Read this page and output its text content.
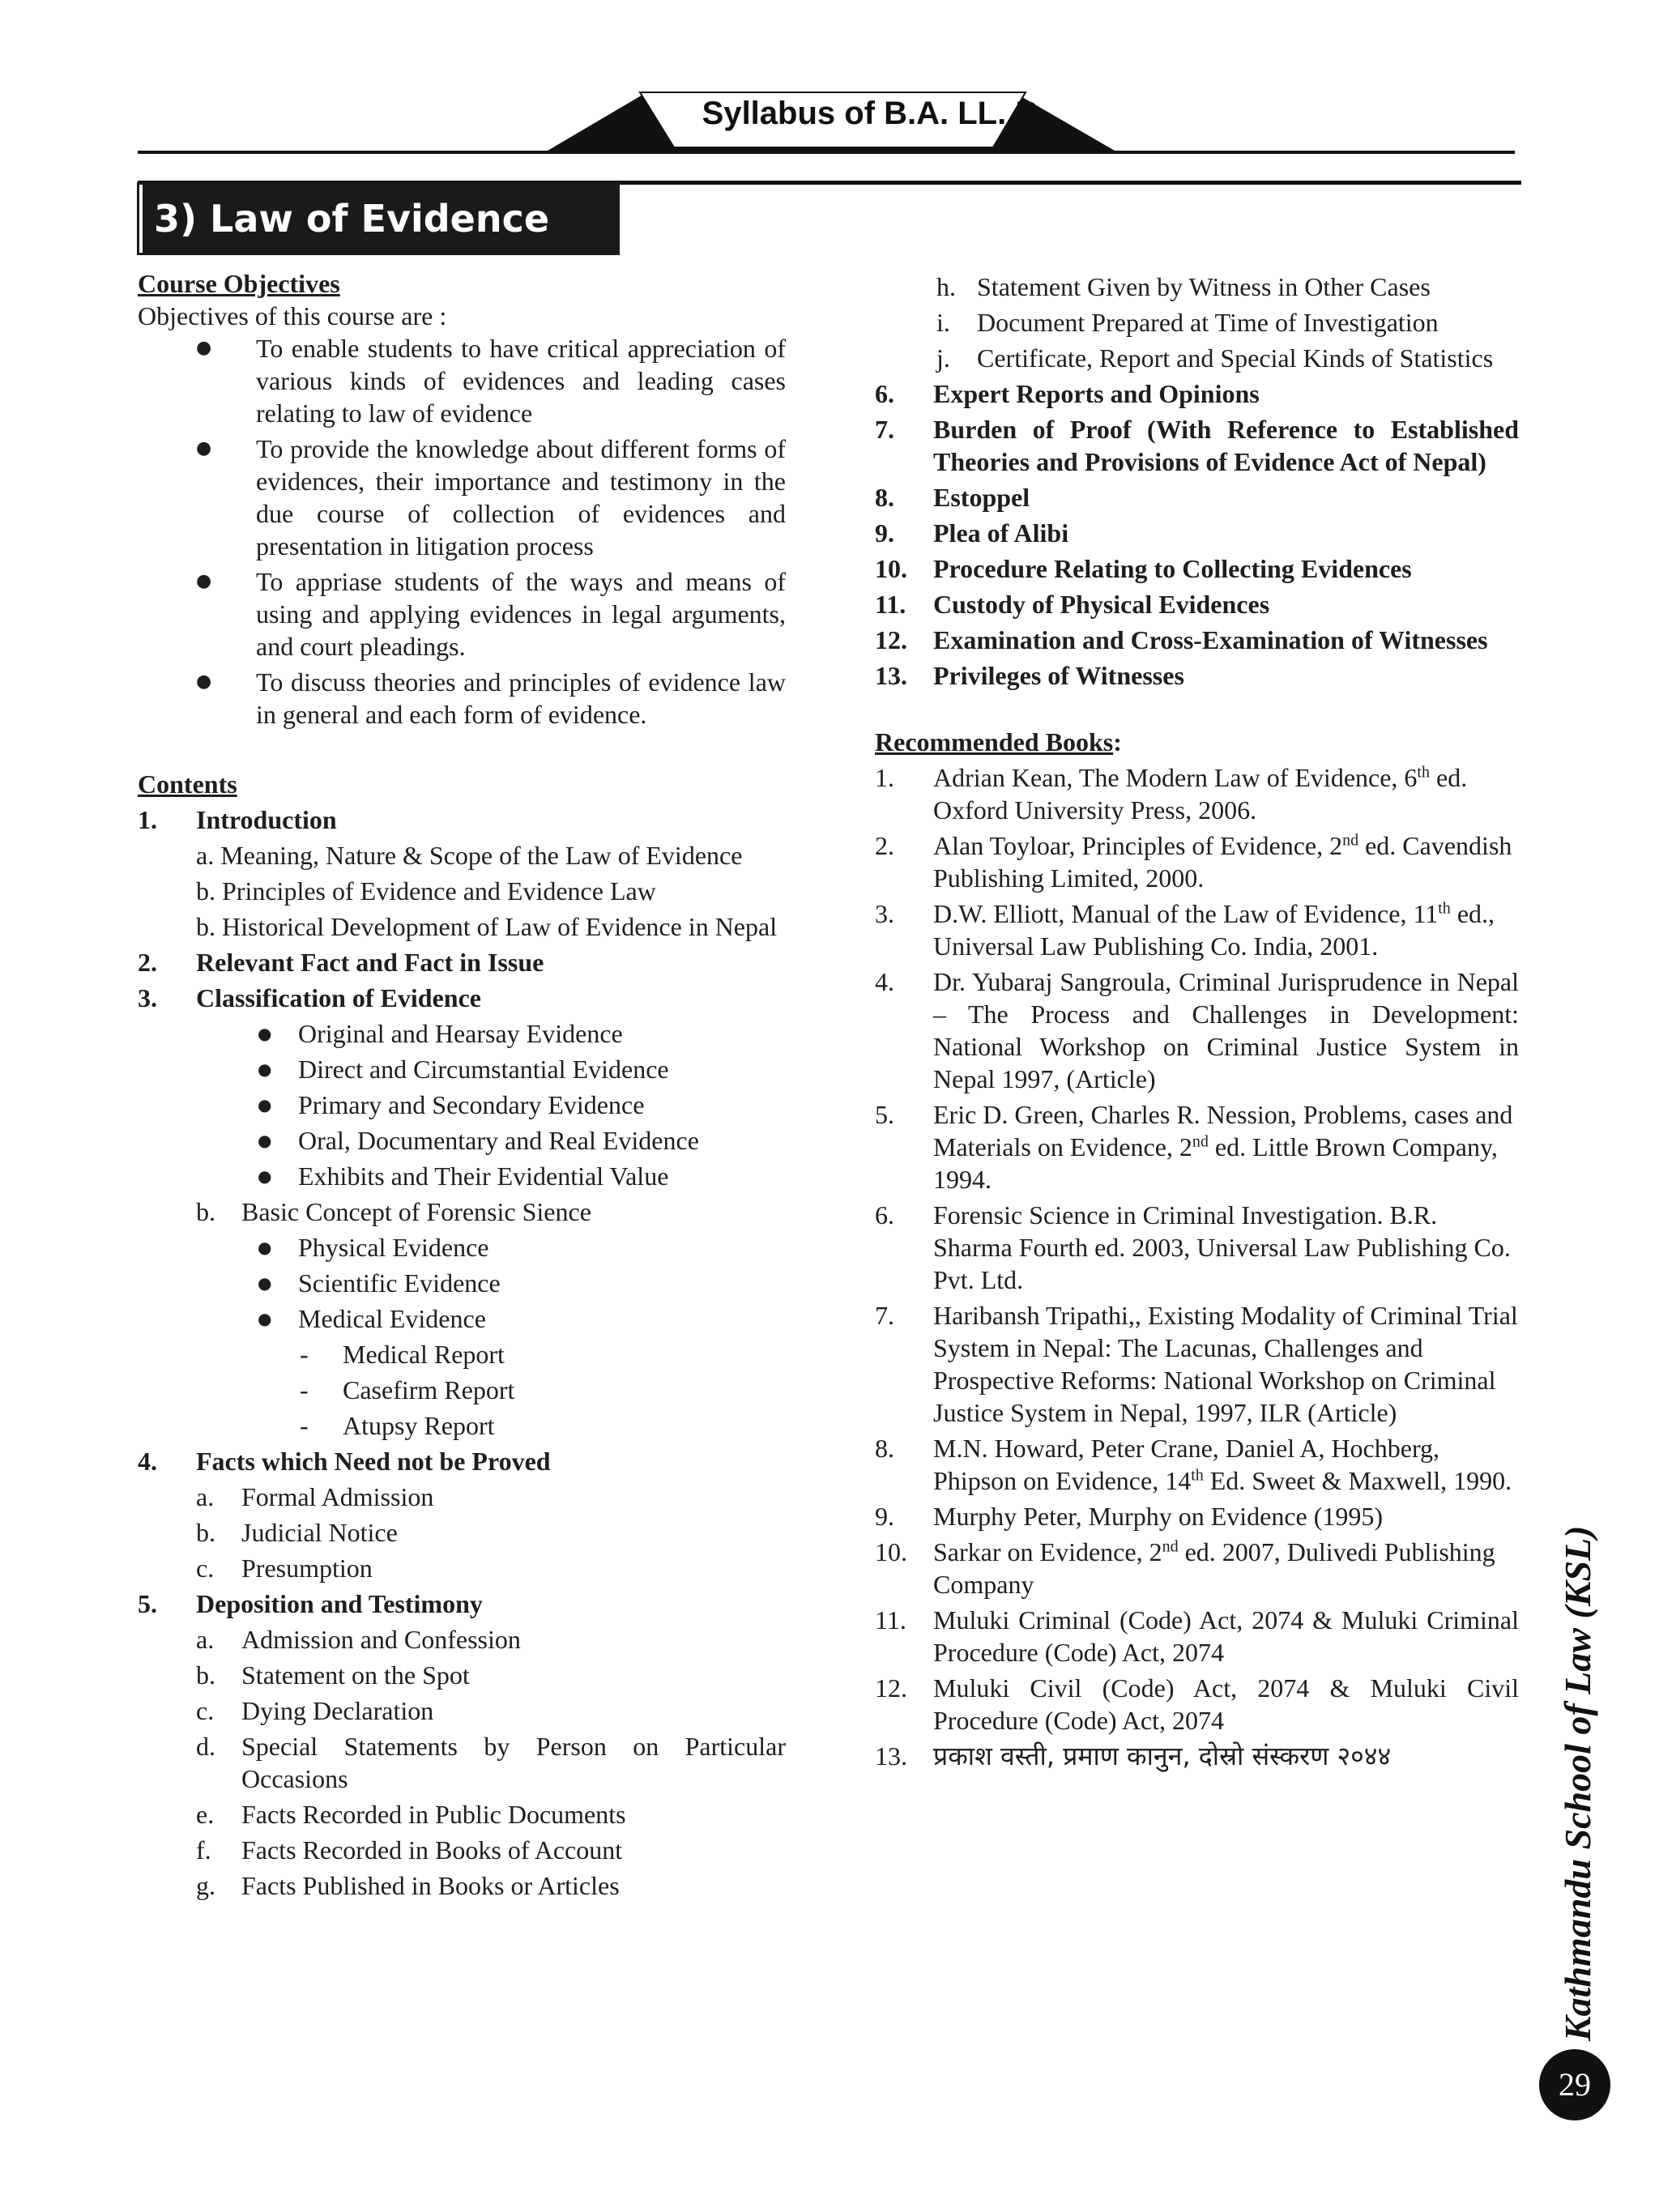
Syllabus of B.A. LL. B.
3) Law of Evidence

Course Objectives

Objectives of this course are :

● To enable students to have critical appreciation of various kinds of evidences and leading cases relating to law of evidence
● To provide the knowledge about different forms of evidences, their importance and testimony in the due course of collection of evidences and presentation in litigation process
● To appriase students of the ways and means of using and applying evidences in legal arguments, and court pleadings.
● To discuss theories and principles of evidence law in general and each form of evidence.

Contents

1. Introduction
a. Meaning, Nature & Scope of the Law of Evidence
b. Principles of Evidence and Evidence Law
b. Historical Development of Law of Evidence in Nepal
2. Relevant Fact and Fact in Issue
3. Classification of Evidence
● Original and Hearsay Evidence
● Direct and Circumstantial Evidence
● Primary and Secondary Evidence
● Oral, Documentary and Real Evidence
● Exhibits and Their Evidential Value
b. Basic Concept of Forensic Sience
● Physical Evidence
● Scientific Evidence
● Medical Evidence
- Medical Report
- Casefirm Report
- Atupsy Report
4. Facts which Need not be Proved
a. Formal Admission
b. Judicial Notice
c. Presumption
5. Deposition and Testimony
a. Admission and Confession
b. Statement on the Spot
c. Dying Declaration
d. Special Statements by Person on Particular Occasions
e. Facts Recorded in Public Documents
f. Facts Recorded in Books of Account
g. Facts Published in Books or Articles
h. Statement Given by Witness in Other Cases
i. Document Prepared at Time of Investigation
j. Certificate, Report and Special Kinds of Statistics
6. Expert Reports and Opinions
7. Burden of Proof (With Reference to Established Theories and Provisions of Evidence Act of Nepal)
8. Estoppel
9. Plea of Alibi
10. Procedure Relating to Collecting Evidences
11. Custody of Physical Evidences
12. Examination and Cross-Examination of Witnesses
13. Privileges of Witnesses

Recommended Books:

1. Adrian Kean, The Modern Law of Evidence, 6th ed. Oxford University Press, 2006.
2. Alan Toyloar, Principles of Evidence, 2nd ed. Cavendish Publishing Limited, 2000.
3. D.W. Elliott, Manual of the Law of Evidence, 11th ed., Universal Law Publishing Co. India, 2001.
4. Dr. Yubaraj Sangroula, Criminal Jurisprudence in Nepal – The Process and Challenges in Development: National Workshop on Criminal Justice System in Nepal 1997, (Article)
5. Eric D. Green, Charles R. Nession, Problems, cases and Materials on Evidence, 2nd ed. Little Brown Company, 1994.
6. Forensic Science in Criminal Investigation. B.R. Sharma Fourth ed. 2003, Universal Law Publishing Co. Pvt. Ltd.
7. Haribansh Tripathi,, Existing Modality of Criminal Trial System in Nepal: The Lacunas, Challenges and Prospective Reforms: National Workshop on Criminal Justice System in Nepal, 1997, ILR (Article)
8. M.N. Howard, Peter Crane, Daniel A, Hochberg, Phipson on Evidence, 14th Ed. Sweet & Maxwell, 1990.
9. Murphy Peter, Murphy on Evidence (1995)
10. Sarkar on Evidence, 2nd ed. 2007, Dulivedi Publishing Company
11. Muluki Criminal (Code) Act, 2074 & Muluki Criminal Procedure (Code) Act, 2074
12. Muluki Civil (Code) Act, 2074 & Muluki Civil Procedure (Code) Act, 2074
13. प्रकाश वस्ती, प्रमाण कानुन, दोस्रो संस्करण २०४४	Kathmandu School of Law (KSL)
29
